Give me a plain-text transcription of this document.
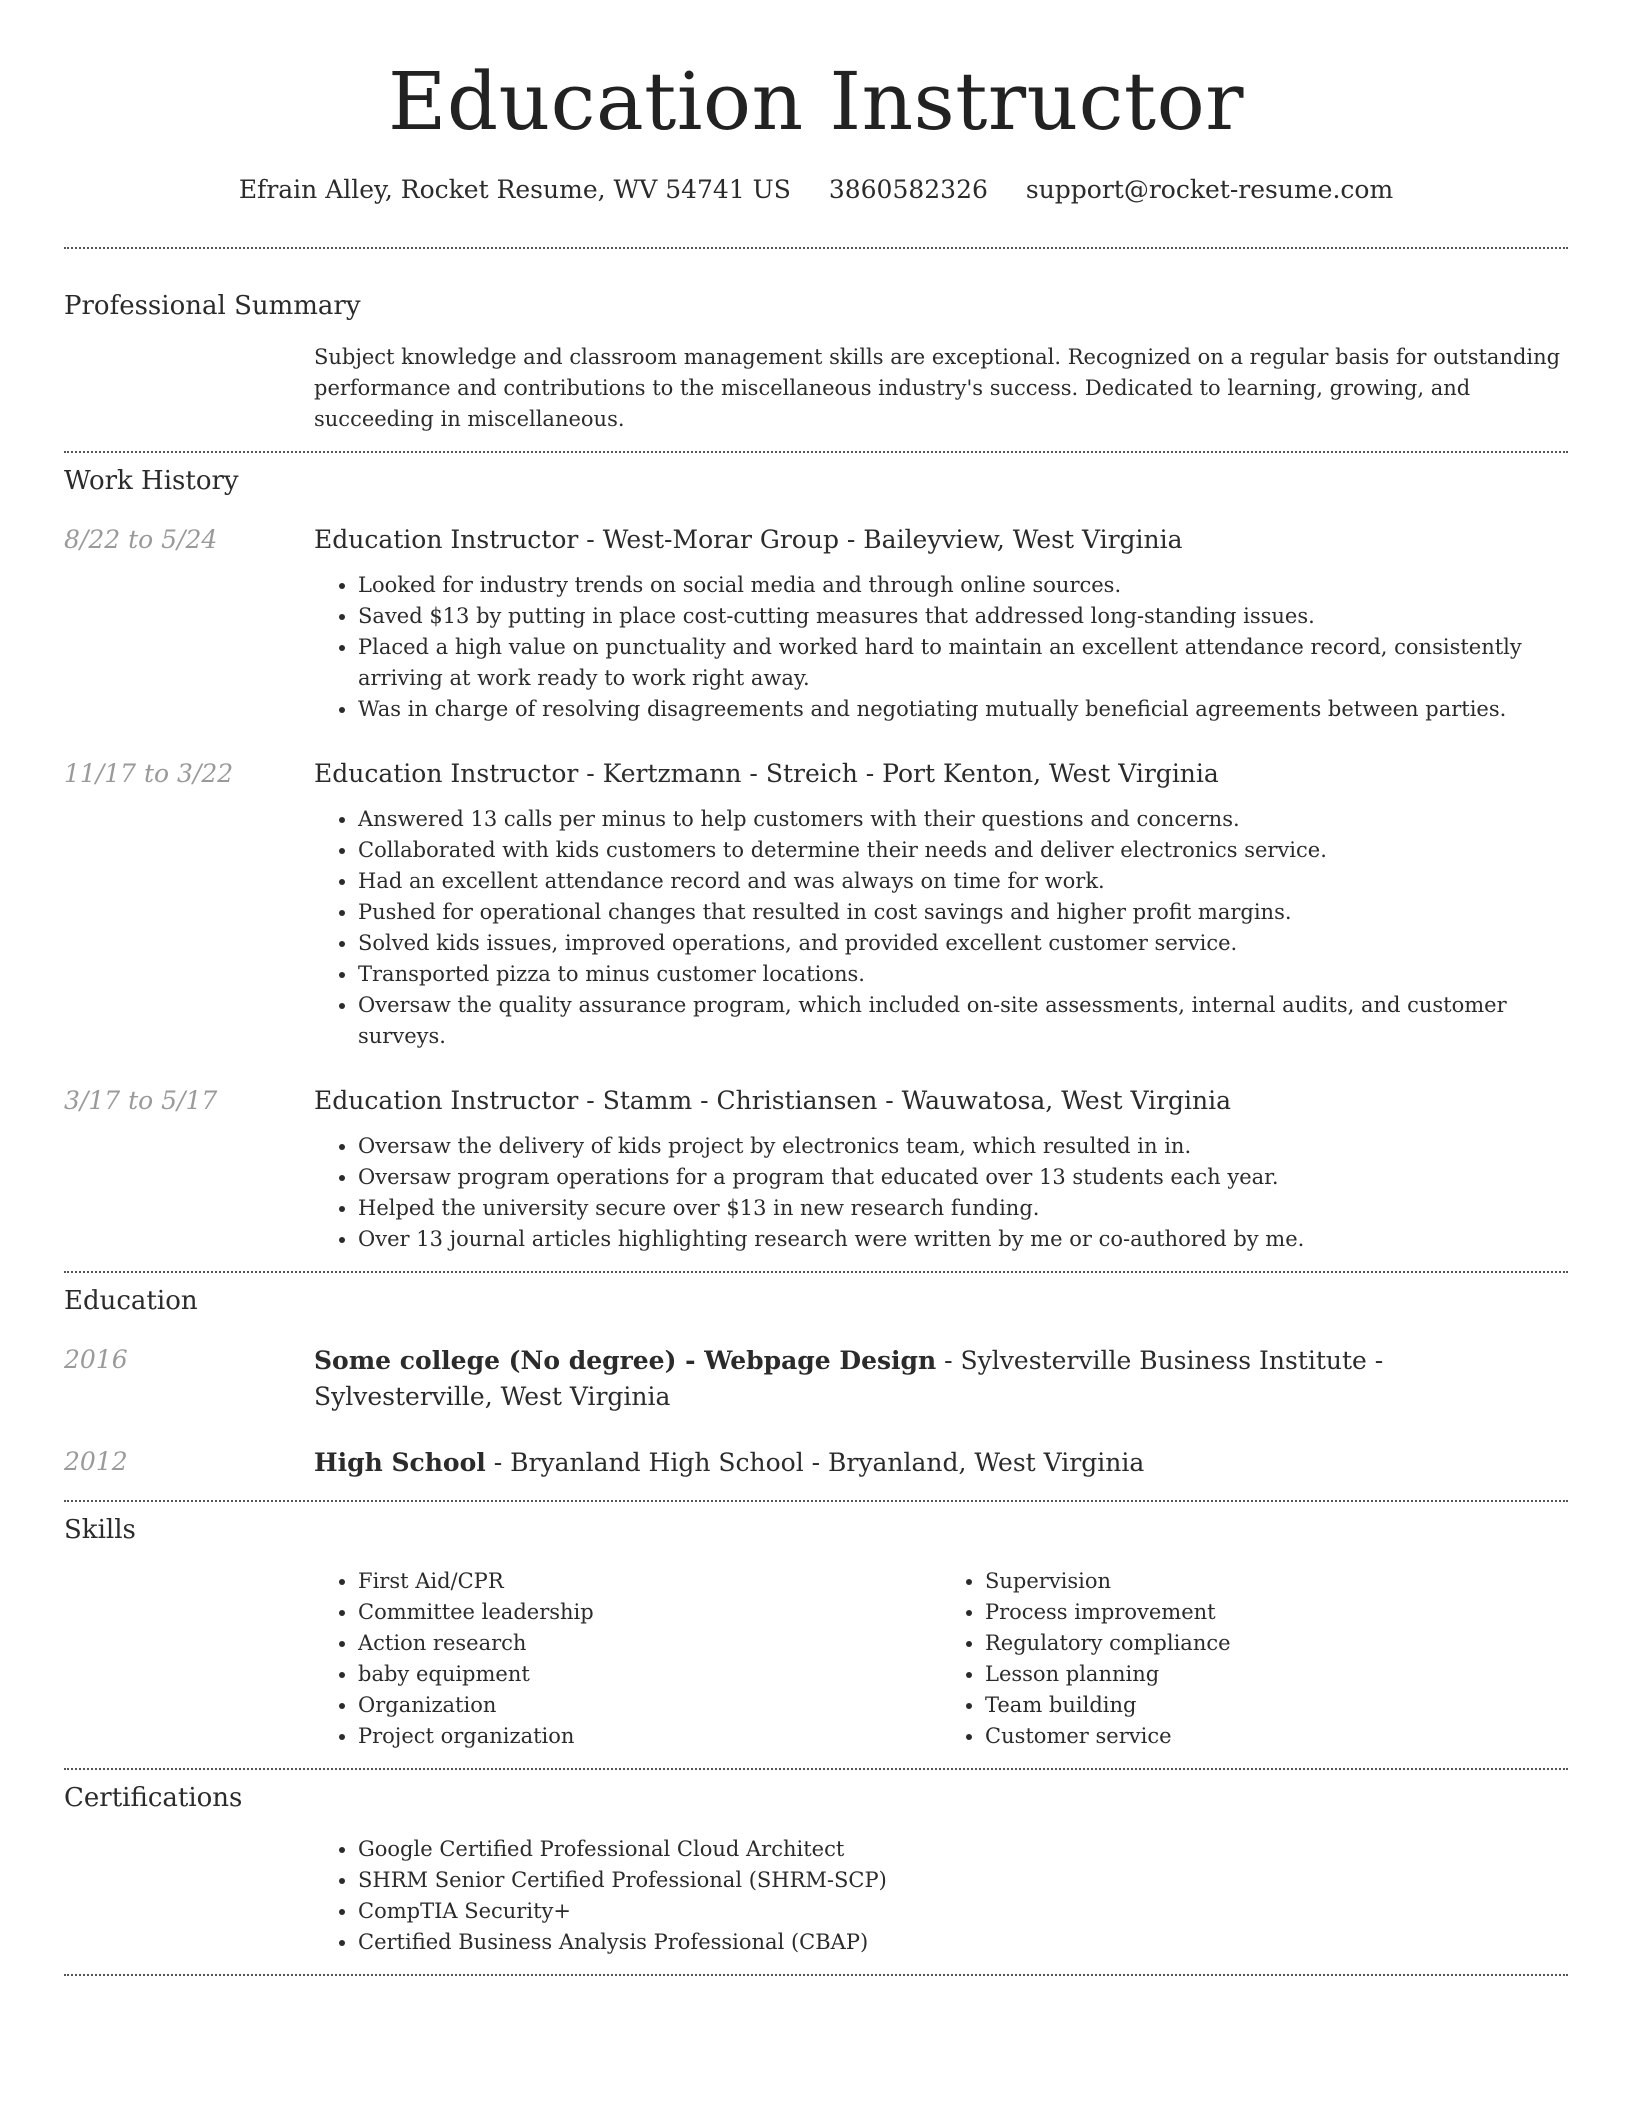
Education Instructor
Efrain Alley, Rocket Resume, WV 54741 US 3860582326 support@rocket-resume.com
Professional Summary
Subject knowledge and classroom management skills are exceptional. Recognized on a regular basis for outstanding performance and contributions to the miscellaneous industry's success. Dedicated to learning, growing, and succeeding in miscellaneous.
Work History
8/22 to 5/24	Education Instructor - West-Morar Group - Baileyview, West Virginia
• Looked for industry trends on social media and through online sources.
• Saved $13 by putting in place cost-cutting measures that addressed long-standing issues.
• Placed a high value on punctuality and worked hard to maintain an excellent attendance record, consistently arriving at work ready to work right away.
• Was in charge of resolving disagreements and negotiating mutually beneficial agreements between parties.
11/17 to 3/22	Education Instructor - Kertzmann - Streich - Port Kenton, West Virginia
• Answered 13 calls per minus to help customers with their questions and concerns.
• Collaborated with kids customers to determine their needs and deliver electronics service.
• Had an excellent attendance record and was always on time for work.
• Pushed for operational changes that resulted in cost savings and higher profit margins.
• Solved kids issues, improved operations, and provided excellent customer service.
• Transported pizza to minus customer locations.
• Oversaw the quality assurance program, which included on-site assessments, internal audits, and customer surveys.
3/17 to 5/17	Education Instructor - Stamm - Christiansen - Wauwatosa, West Virginia
• Oversaw the delivery of kids project by electronics team, which resulted in in.
• Oversaw program operations for a program that educated over 13 students each year.
• Helped the university secure over $13 in new research funding.
• Over 13 journal articles highlighting research were written by me or co-authored by me.
Education
2016	Some college (No degree) - Webpage Design - Sylvesterville Business Institute - Sylvesterville, West Virginia
2012	High School - Bryanland High School - Bryanland, West Virginia
Skills
• First Aid/CPR
• Committee leadership
• Action research
• baby equipment
• Organization
• Project organization
• Supervision
• Process improvement
• Regulatory compliance
• Lesson planning
• Team building
• Customer service
Certifications
• Google Certified Professional Cloud Architect
• SHRM Senior Certified Professional (SHRM-SCP)
• CompTIA Security+
• Certified Business Analysis Professional (CBAP)
